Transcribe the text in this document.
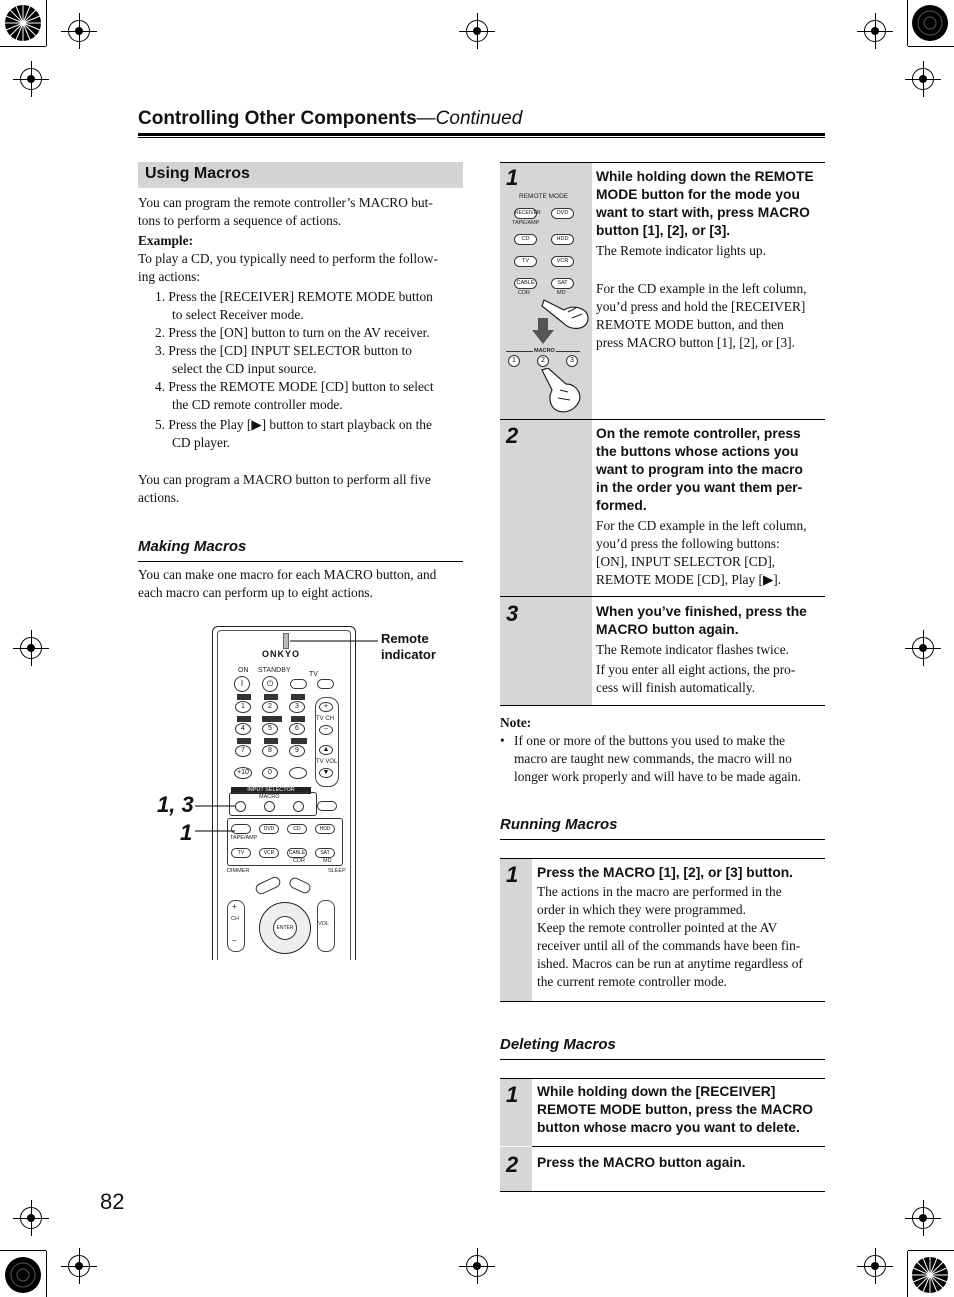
Controlling Other Components—Continued
Using Macros
You can program the remote controller’s MACRO but-
tons to perform a sequence of actions.
Example:
To play a CD, you typically need to perform the follow-
ing actions:
1. Press the [RECEIVER] REMOTE MODE button
to select Receiver mode.
2. Press the [ON] button to turn on the AV receiver.
3. Press the [CD] INPUT SELECTOR button to
select the CD input source.
4. Press the REMOTE MODE [CD] button to select
the CD remote controller mode.
5. Press the Play [▶] button to start playback on the
CD player.
You can program a MACRO button to perform all five
actions.
Making Macros
You can make one macro for each MACRO button, and
each macro can perform up to eight actions.
ONKYO
ON STANDBY
TV
I	⏻
1	2	3
4	5	6
7	8	9
+10	0
+
TV CH
−
▲
TV VOL
▼
INPUT SELECTOR
MACRO
DVD	CD	HDD
TAPE/AMP
TV	VCR	CABLE	SAT
CDR	MD
DIMMER	SLEEP
+
CH
−
VOL
ENTER
Remote
indicator
1, 3
1
1
REMOTE MODE
RECEIVER	DVD
TAPE/AMP
CD	HDD
TV	VCR
CABLE	SAT
CDR	MD
MACRO
1	2	3
While holding down the REMOTE
MODE button for the mode you
want to start with, press MACRO
button [1], [2], or [3].
The Remote indicator lights up.
For the CD example in the left column,
you’d press and hold the [RECEIVER]
REMOTE MODE button, and then
press MACRO button [1], [2], or [3].
2	On the remote controller, press
the buttons whose actions you
want to program into the macro
in the order you want them per-
formed.
For the CD example in the left column,
you’d press the following buttons:
[ON], INPUT SELECTOR [CD],
REMOTE MODE [CD], Play [▶].
3	When you’ve finished, press the
MACRO button again.
The Remote indicator flashes twice.
If you enter all eight actions, the pro-
cess will finish automatically.
Note:
• If one or more of the buttons you used to make the
macro are taught new commands, the macro will no
longer work properly and will have to be made again.
Running Macros
1 Press the MACRO [1], [2], or [3] button.
The actions in the macro are performed in the
order in which they were programmed.
Keep the remote controller pointed at the AV
receiver until all of the commands have been fin-
ished. Macros can be run at anytime regardless of
the current remote controller mode.
Deleting Macros
1 While holding down the [RECEIVER]
REMOTE MODE button, press the MACRO
button whose macro you want to delete.
2 Press the MACRO button again.
82
